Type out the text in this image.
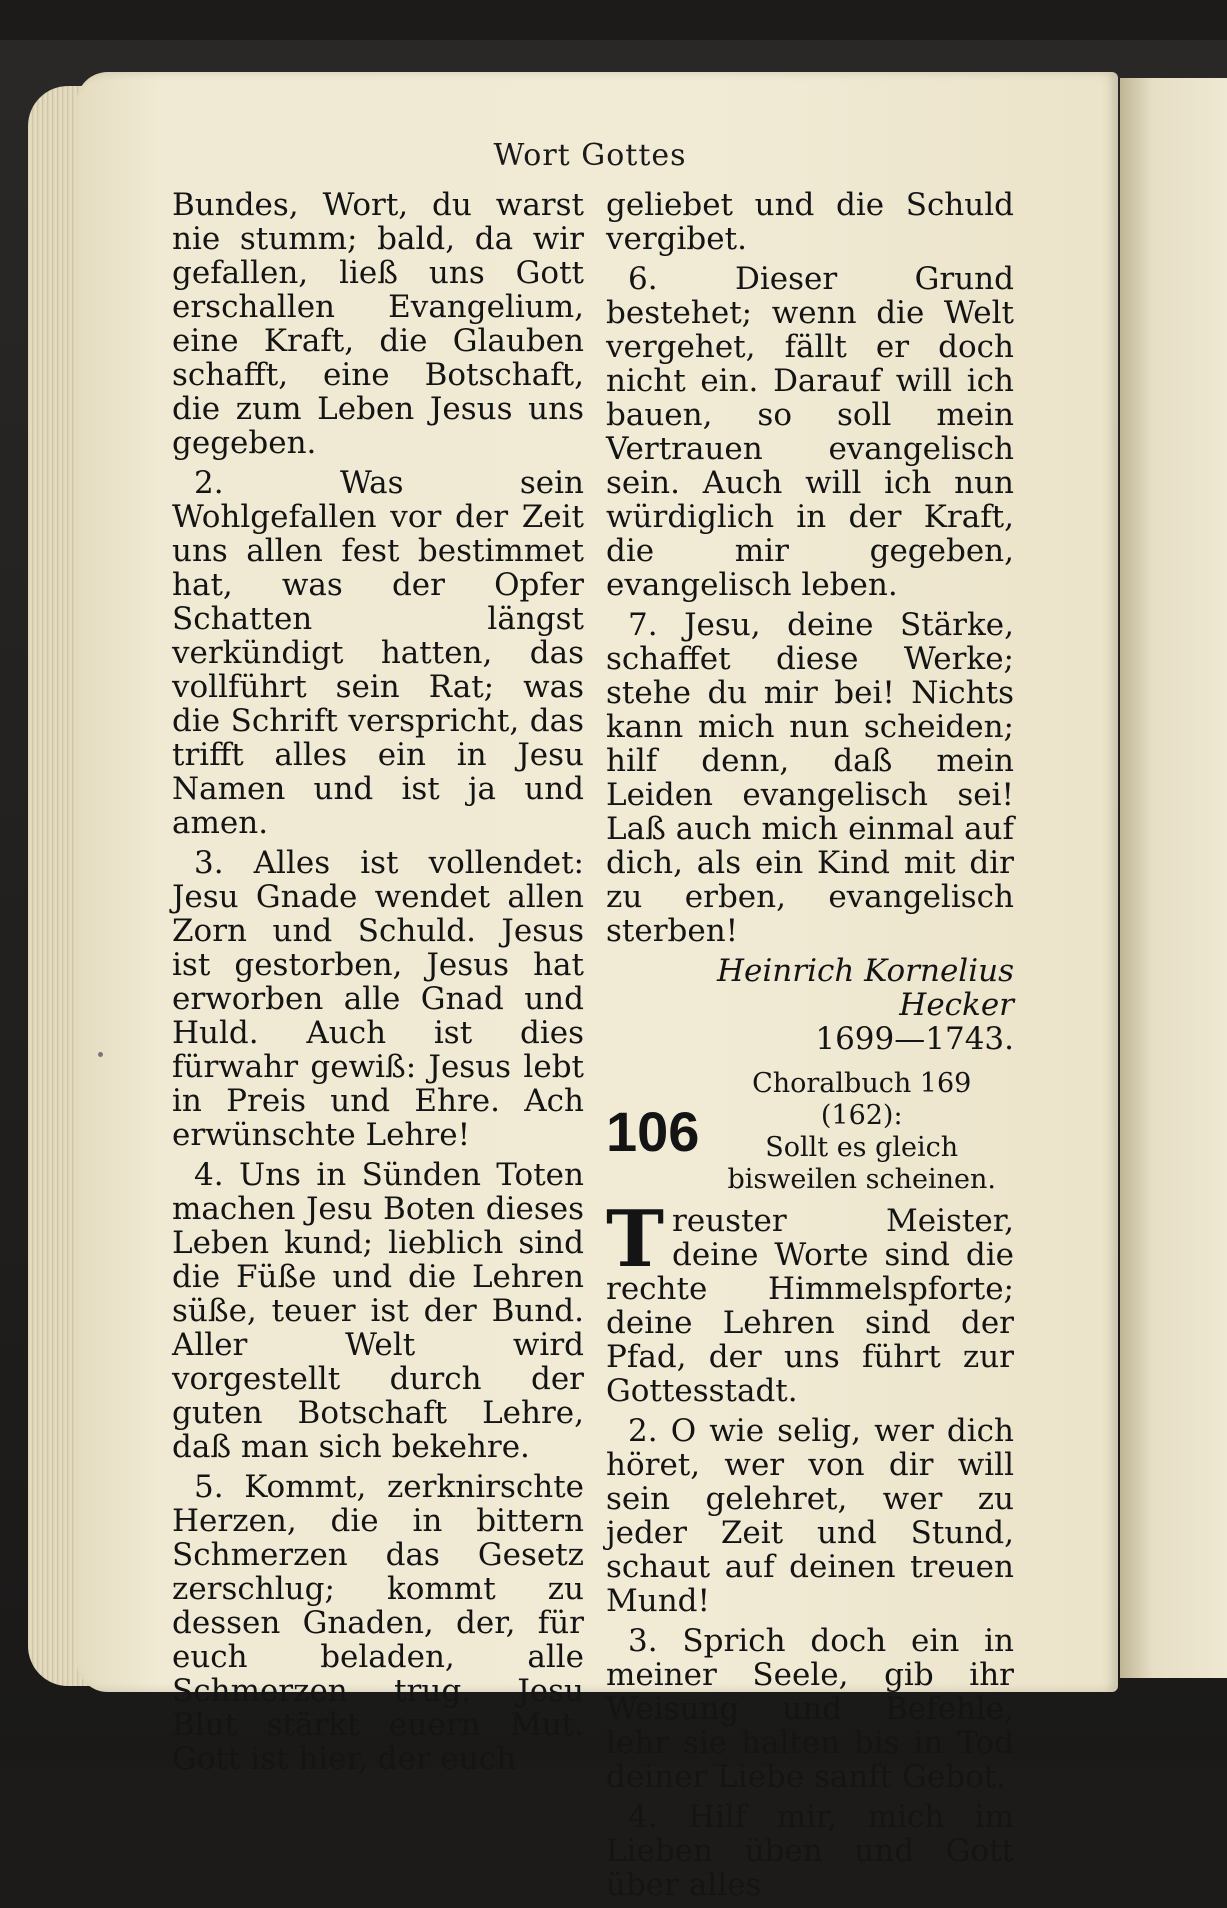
Wort Gottes

Bundes, Wort, du warst nie stumm; bald, da wir gefallen, ließ uns Gott erschallen Evangelium, eine Kraft, die Glauben schafft, eine Botschaft, die zum Leben Jesus uns gegeben.

2. Was sein Wohlgefallen vor der Zeit uns allen fest bestimmet hat, was der Opfer Schatten längst verkündigt hatten, das vollführt sein Rat; was die Schrift verspricht, das trifft alles ein in Jesu Namen und ist ja und amen.

3. Alles ist vollendet: Jesu Gnade wendet allen Zorn und Schuld. Jesus ist gestorben, Jesus hat erworben alle Gnad und Huld. Auch ist dies fürwahr gewiß: Jesus lebt in Preis und Ehre. Ach erwünschte Lehre!

4. Uns in Sünden Toten machen Jesu Boten dieses Leben kund; lieblich sind die Füße und die Lehren süße, teuer ist der Bund. Aller Welt wird vorgestellt durch der guten Botschaft Lehre, daß man sich bekehre.

5. Kommt, zerknirschte Herzen, die in bittern Schmerzen das Gesetz zerschlug; kommt zu dessen Gnaden, der, für euch beladen, alle Schmerzen trug. Jesu Blut stärkt euern Mut. Gott ist hier, der euch

geliebet und die Schuld vergibet.

6. Dieser Grund bestehet; wenn die Welt vergehet, fällt er doch nicht ein. Darauf will ich bauen, so soll mein Vertrauen evangelisch sein. Auch will ich nun würdiglich in der Kraft, die mir gegeben, evangelisch leben.

7. Jesu, deine Stärke, schaffet diese Werke; stehe du mir bei! Nichts kann mich nun scheiden; hilf denn, daß mein Leiden evangelisch sei! Laß auch mich einmal auf dich, als ein Kind mit dir zu erben, evangelisch sterben!

Heinrich Kornelius Hecker
1699—1743.
106
Choralbuch 169 (162):
Sollt es gleich bisweilen scheinen.

Treuster Meister, deine Worte sind die rechte Himmelspforte; deine Lehren sind der Pfad, der uns führt zur Gottesstadt.

2. O wie selig, wer dich höret, wer von dir will sein gelehret, wer zu jeder Zeit und Stund, schaut auf deinen treuen Mund!

3. Sprich doch ein in meiner Seele, gib ihr Weisung und Befehle, lehr sie halten bis in Tod deiner Liebe sanft Gebot.

4. Hilf mir, mich im Lieben üben und Gott über alles
